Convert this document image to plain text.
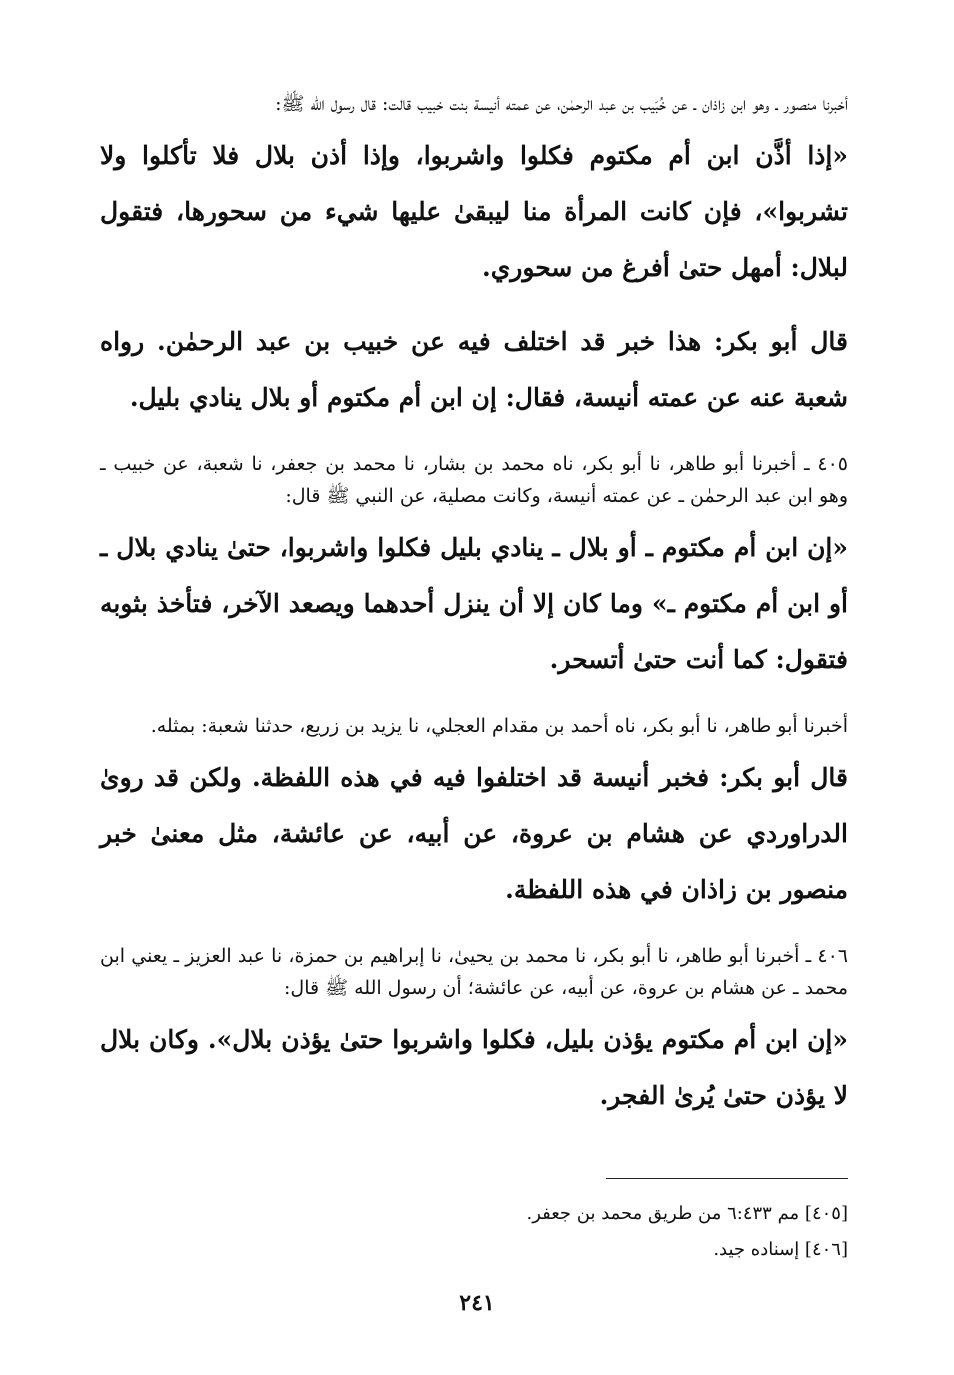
أخبرنا منصور ـ وهو ابن زاذان ـ عن خُبَيب بن عبد الرحمٰن، عن عمته أنيسة بنت خبيب قالت: قال رسول الله ﷺ:

«إذا أذَّن ابن أم مكتوم فكلوا واشربوا، وإذا أذن بلال فلا تأكلوا ولا تشربوا»، فإن كانت المرأة منا ليبقىٰ عليها شيء من سحورها، فتقول لبلال: أمهل حتىٰ أفرغ من سحوري.

قال أبو بكر: هذا خبر قد اختلف فيه عن خبيب بن عبد الرحمٰن. رواه شعبة عنه عن عمته أنيسة، فقال: إن ابن أم مكتوم أو بلال ينادي بليل.

٤٠٥ ـ أخبرنا أبو طاهر، نا أبو بكر، ناه محمد بن بشار، نا محمد بن جعفر، نا شعبة، عن خبيب ـ وهو ابن عبد الرحمٰن ـ عن عمته أنيسة، وكانت مصلية، عن النبي ﷺ قال:

«إن ابن أم مكتوم ـ أو بلال ـ ينادي بليل فكلوا واشربوا، حتىٰ ينادي بلال ـ أو ابن أم مكتوم ـ» وما كان إلا أن ينزل أحدهما ويصعد الآخر، فتأخذ بثوبه فتقول: كما أنت حتىٰ أتسحر.

أخبرنا أبو طاهر، نا أبو بكر، ناه أحمد بن مقدام العجلي، نا يزيد بن زريع، حدثنا شعبة: بمثله.

قال أبو بكر: فخبر أنيسة قد اختلفوا فيه في هذه اللفظة. ولكن قد روىٰ الدراوردي عن هشام بن عروة، عن أبيه، عن عائشة، مثل معنىٰ خبر منصور بن زاذان في هذه اللفظة.

٤٠٦ ـ أخبرنا أبو طاهر، نا أبو بكر، نا محمد بن يحيىٰ، نا إبراهيم بن حمزة، نا عبد العزيز ـ يعني ابن محمد ـ عن هشام بن عروة، عن أبيه، عن عائشة؛ أن رسول الله ﷺ قال:

«إن ابن أم مكتوم يؤذن بليل، فكلوا واشربوا حتىٰ يؤذن بلال». وكان بلال لا يؤذن حتىٰ يُرىٰ الفجر.

[٤٠٥] مم ٦:٤٣٣ من طريق محمد بن جعفر.

[٤٠٦] إسناده جيد.

٢٤١
